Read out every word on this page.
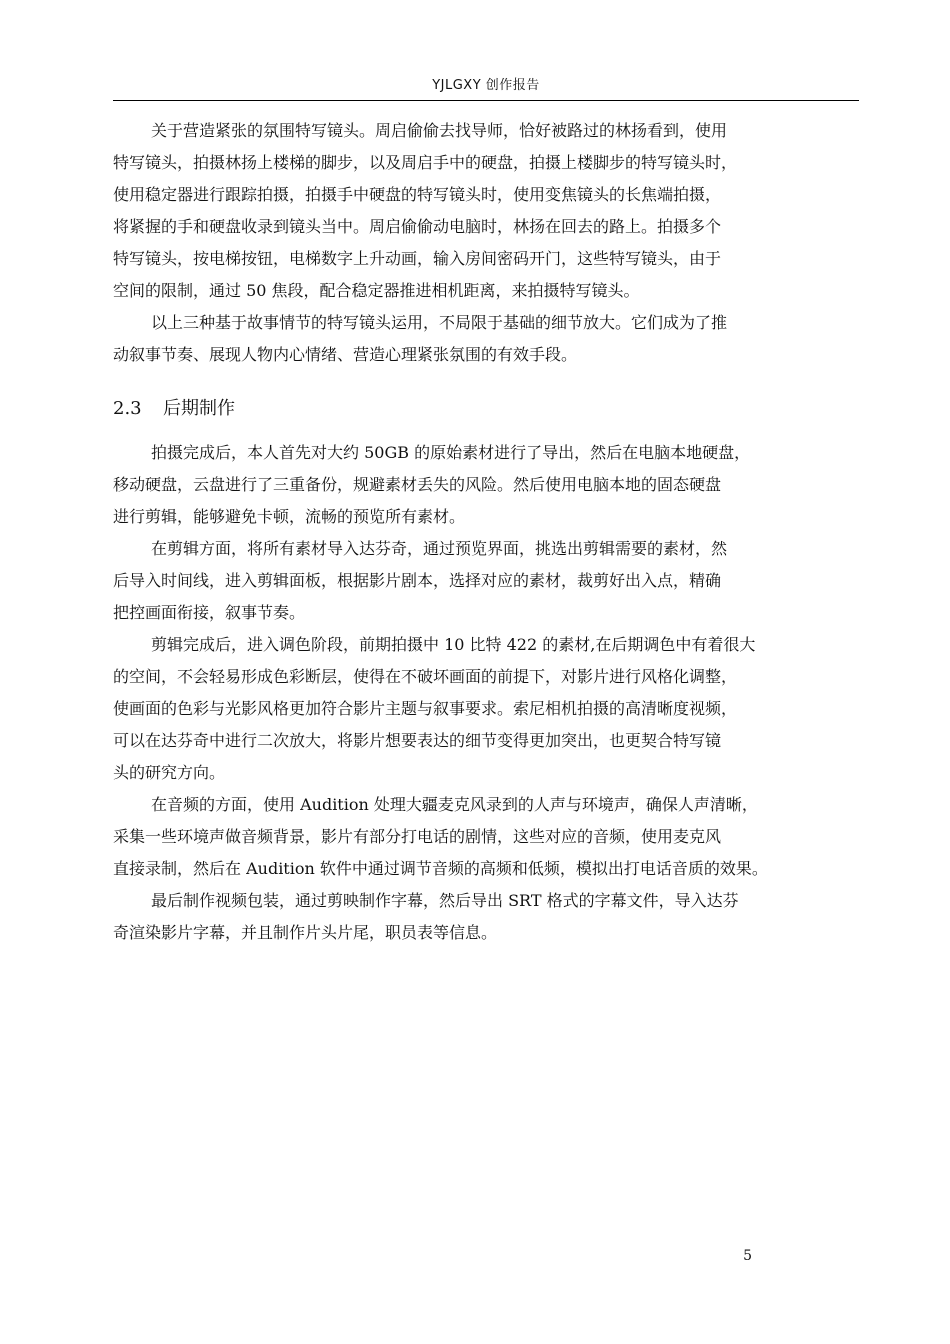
YJLGXY 创作报告

关于营造紧张的氛围特写镜头。周启偷偷去找导师，恰好被路过的林扬看到，使用
特写镜头，拍摄林扬上楼梯的脚步，以及周启手中的硬盘，拍摄上楼脚步的特写镜头时，
使用稳定器进行跟踪拍摄，拍摄手中硬盘的特写镜头时，使用变焦镜头的长焦端拍摄，
将紧握的手和硬盘收录到镜头当中。周启偷偷动电脑时，林扬在回去的路上。拍摄多个
特写镜头，按电梯按钮，电梯数字上升动画，输入房间密码开门，这些特写镜头，由于
空间的限制，通过 50 焦段，配合稳定器推进相机距离，来拍摄特写镜头。

以上三种基于故事情节的特写镜头运用，不局限于基础的细节放大。它们成为了推
动叙事节奏、展现人物内心情绪、营造心理紧张氛围的有效手段。

2.3 后期制作

拍摄完成后，本人首先对大约 50GB 的原始素材进行了导出，然后在电脑本地硬盘，
移动硬盘，云盘进行了三重备份，规避素材丢失的风险。然后使用电脑本地的固态硬盘
进行剪辑，能够避免卡顿，流畅的预览所有素材。

在剪辑方面，将所有素材导入达芬奇，通过预览界面，挑选出剪辑需要的素材，然
后导入时间线，进入剪辑面板，根据影片剧本，选择对应的素材，裁剪好出入点，精确
把控画面衔接，叙事节奏。

剪辑完成后，进入调色阶段，前期拍摄中 10 比特 422 的素材,在后期调色中有着很大
的空间，不会轻易形成色彩断层，使得在不破坏画面的前提下，对影片进行风格化调整，
使画面的色彩与光影风格更加符合影片主题与叙事要求。索尼相机拍摄的高清晰度视频，
可以在达芬奇中进行二次放大，将影片想要表达的细节变得更加突出，也更契合特写镜
头的研究方向。

在音频的方面，使用 Audition 处理大疆麦克风录到的人声与环境声，确保人声清晰，
采集一些环境声做音频背景，影片有部分打电话的剧情，这些对应的音频，使用麦克风
直接录制，然后在 Audition 软件中通过调节音频的高频和低频，模拟出打电话音质的效果。

最后制作视频包装，通过剪映制作字幕，然后导出 SRT 格式的字幕文件，导入达芬
奇渲染影片字幕，并且制作片头片尾，职员表等信息。

5
